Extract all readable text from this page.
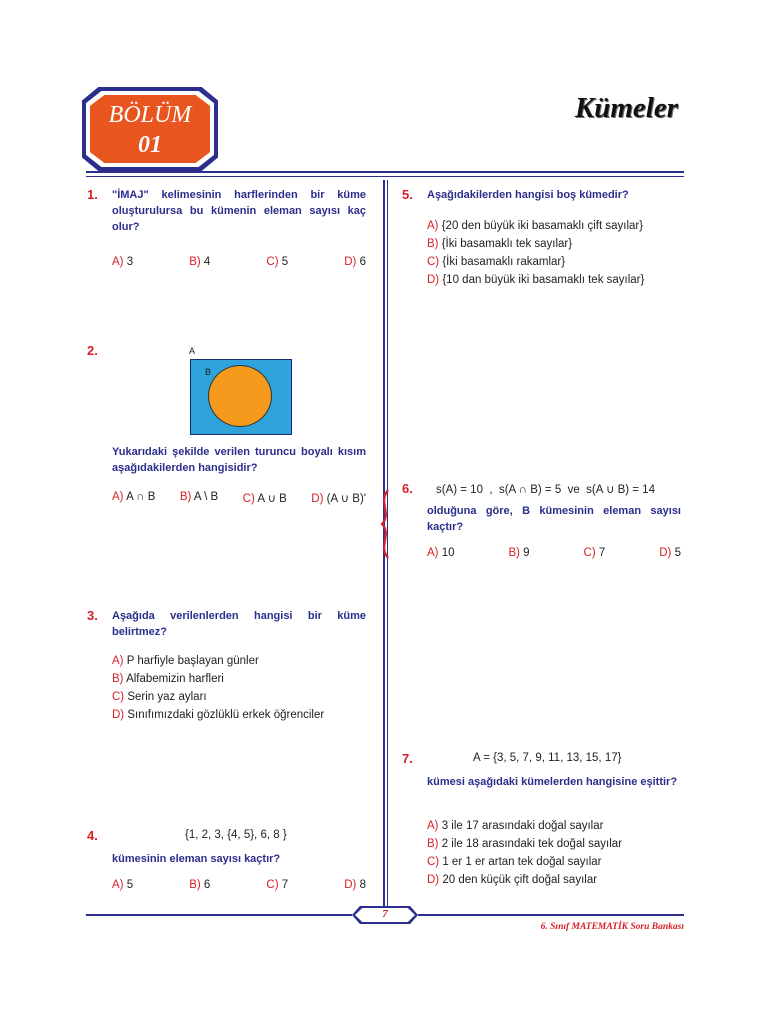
BÖLÜM
01
Kümeler
1. "İMAJ" kelimesinin harflerinden bir küme oluşturulursa bu kümenin eleman sayısı kaç olur?
A) 3	B) 4	C) 5	D) 6
2.	A
B
Yukarıdaki şekilde verilen turuncu boyalı kısım aşağıdakilerden hangisidir?
A) A ∩ B B) A \ B C) A ∪ B D) (A ∪ B)'
3. Aşağıda verilenlerden hangisi bir küme belirtmez?
A) P harfiyle başlayan günler
B) Alfabemizin harfleri
C) Serin yaz ayları
D) Sınıfımızdaki gözlüklü erkek öğrenciler
4.	{1, 2, 3, {4, 5}, 6, 8 }
kümesinin eleman sayısı kaçtır?
A) 5	B) 6	C) 7	D) 8
5. Aşağıdakilerden hangisi boş kümedir?
A) {20 den büyük iki basamaklı çift sayılar}
B) {İki basamaklı tek sayılar}
C) {İki basamaklı rakamlar}
D) {10 dan büyük iki basamaklı tek sayılar}
6. s(A) = 10  ,  s(A ∩ B) = 5  ve  s(A ∪ B) = 14
olduğuna göre, B kümesinin eleman sayısı kaçtır?
A) 10	B) 9	C) 7	D) 5
7.	A = {3, 5, 7, 9, 11, 13, 15, 17}
kümesi aşağıdaki kümelerden hangisine eşittir?
A) 3 ile 17 arasındaki doğal sayılar
B) 2 ile 18 arasındaki tek doğal sayılar
C) 1 er 1 er artan tek doğal sayılar
D) 20 den küçük çift doğal sayılar
7
6. Sınıf MATEMATİK Soru Bankası
